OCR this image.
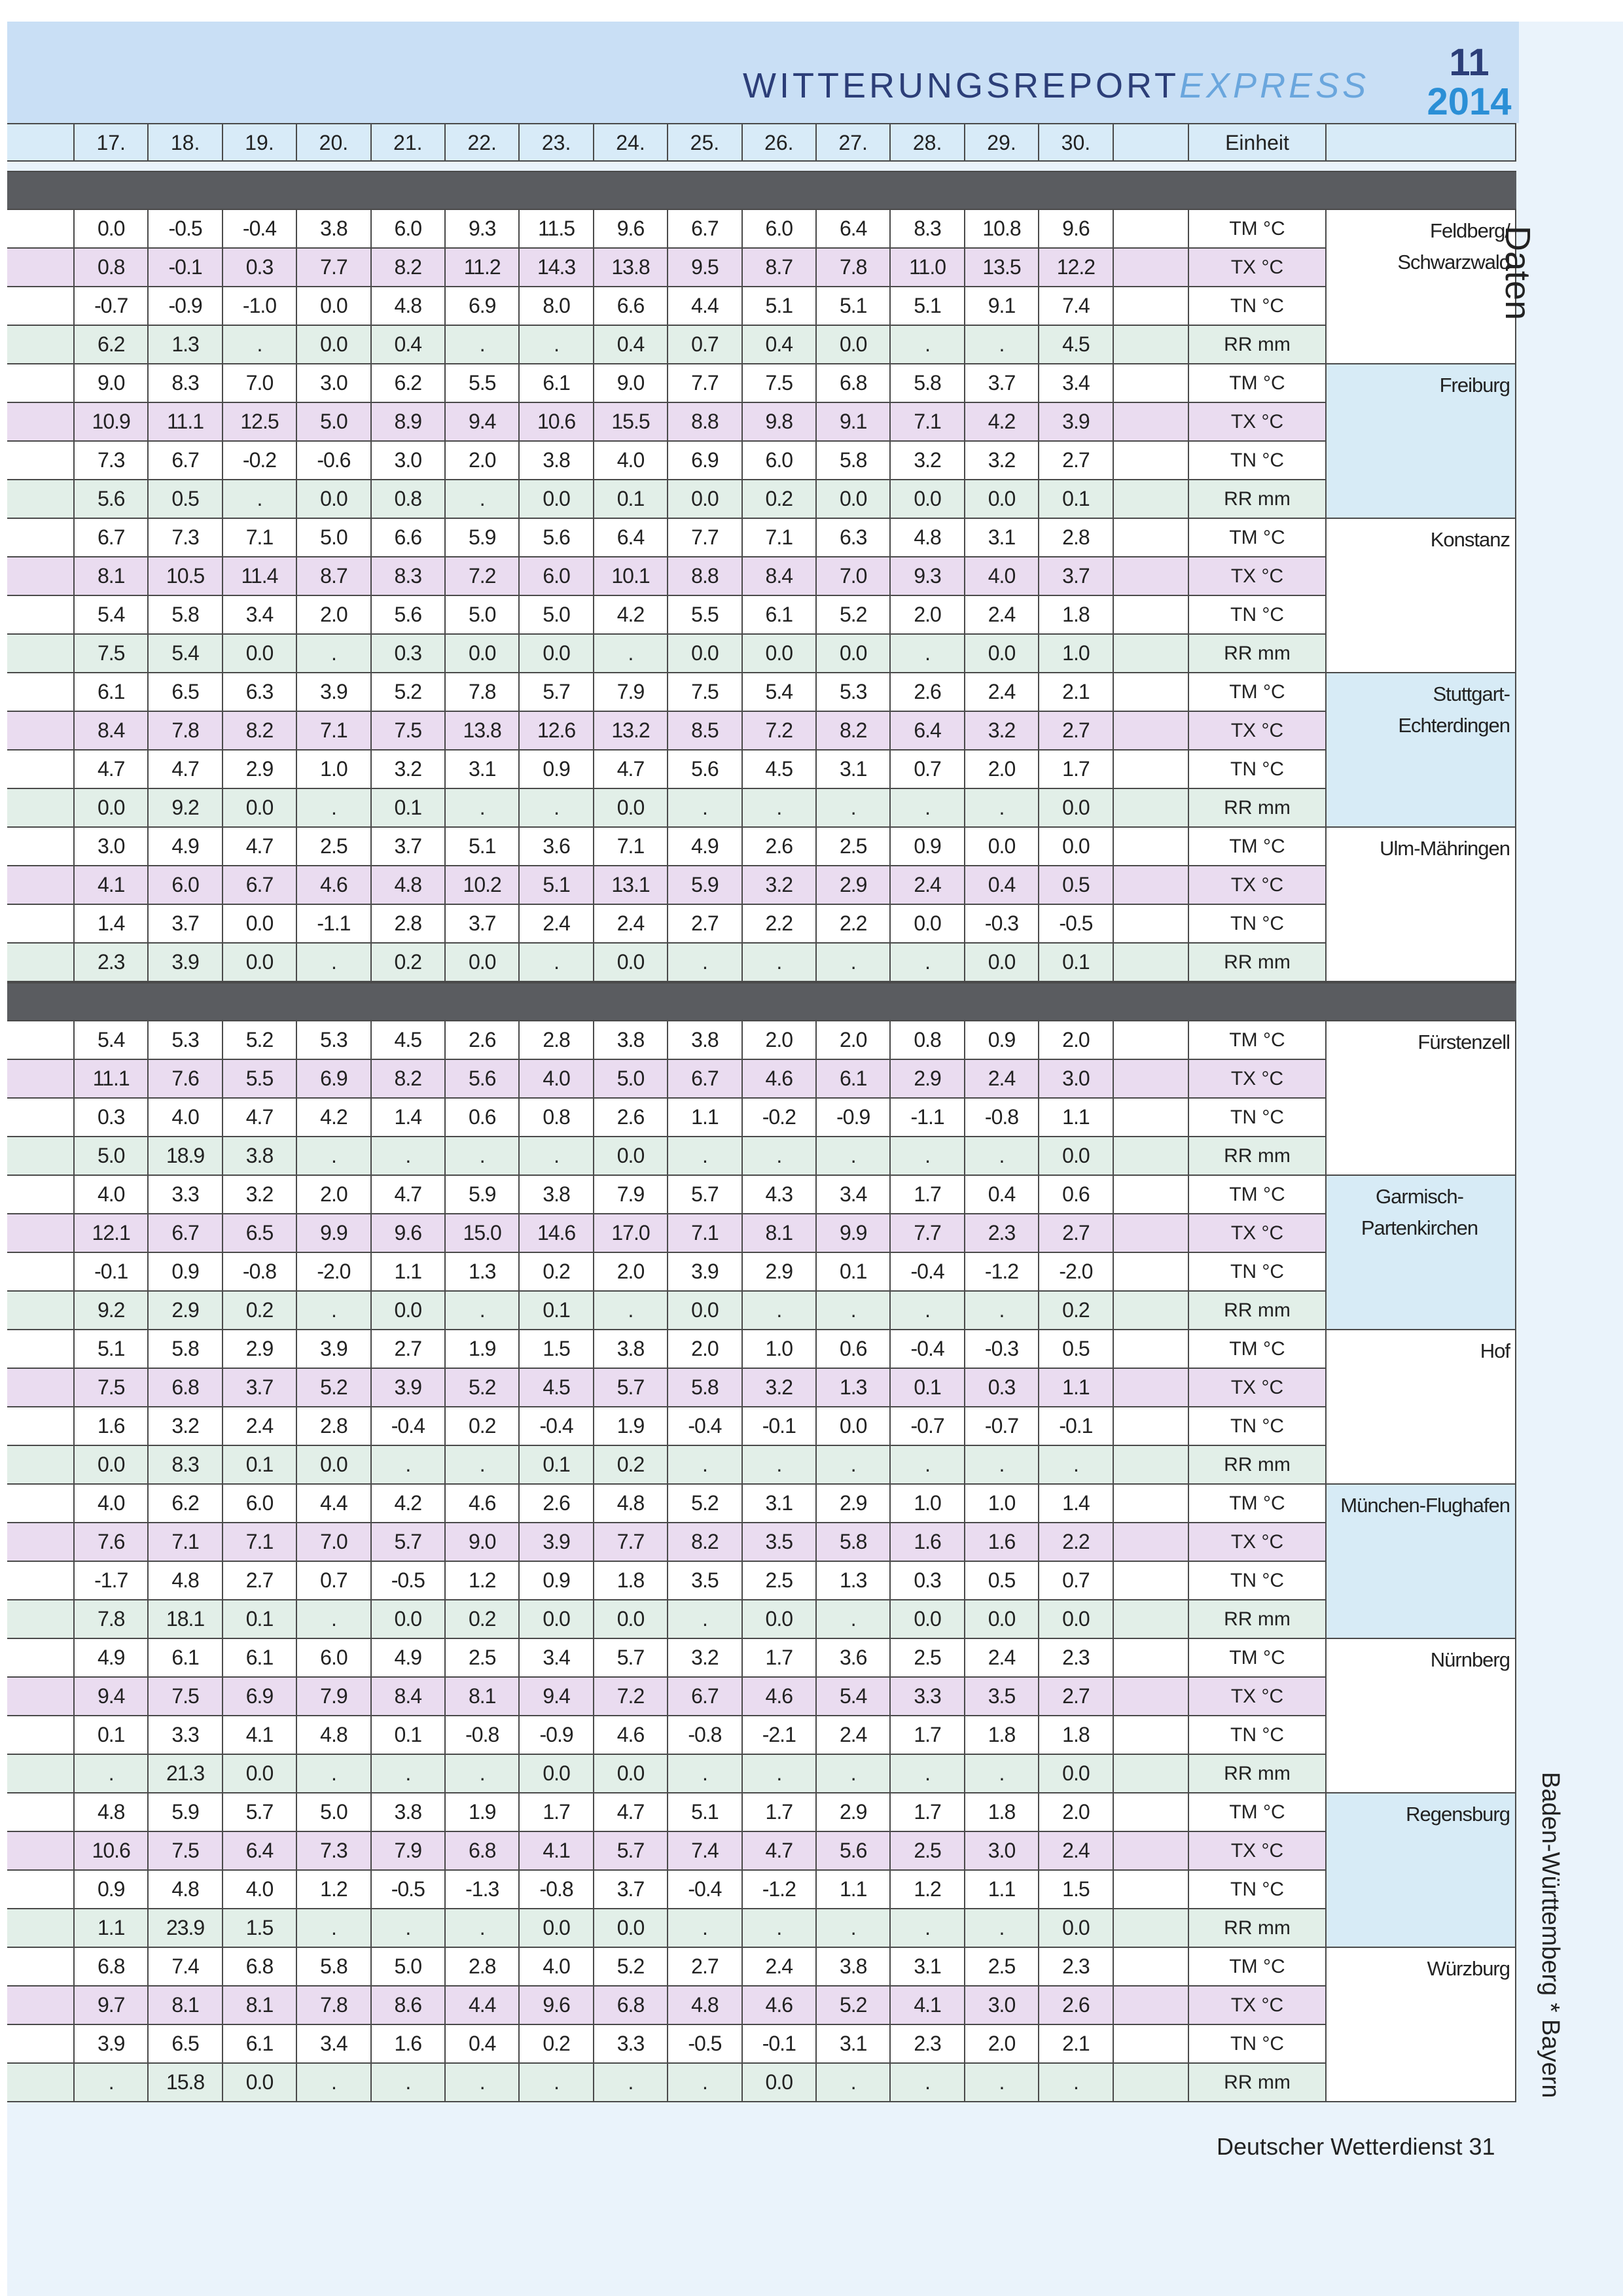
WITTERUNGSREPORTEXPRESS
11
2014
17.	18.	19.	20.	21.	22.	23.	24.	25.	26.	27.	28.	29.	30.	Einheit
0.0	-0.5	-0.4	3.8	6.0	9.3	11.5	9.6	6.7	6.0	6.4	8.3	10.8	9.6	TM °C
0.8	-0.1	0.3	7.7	8.2	11.2	14.3	13.8	9.5	8.7	7.8	11.0	13.5	12.2	TX °C
-0.7	-0.9	-1.0	0.0	4.8	6.9	8.0	6.6	4.4	5.1	5.1	5.1	9.1	7.4	TN °C
6.2	1.3	.	0.0	0.4	.	.	0.4	0.7	0.4	0.0	.	.	4.5	RR mm
Feldberg/ Schwarzwald
9.0	8.3	7.0	3.0	6.2	5.5	6.1	9.0	7.7	7.5	6.8	5.8	3.7	3.4	TM °C
10.9	11.1	12.5	5.0	8.9	9.4	10.6	15.5	8.8	9.8	9.1	7.1	4.2	3.9	TX °C
7.3	6.7	-0.2	-0.6	3.0	2.0	3.8	4.0	6.9	6.0	5.8	3.2	3.2	2.7	TN °C
5.6	0.5	.	0.0	0.8	.	0.0	0.1	0.0	0.2	0.0	0.0	0.0	0.1	RR mm
Freiburg
6.7	7.3	7.1	5.0	6.6	5.9	5.6	6.4	7.7	7.1	6.3	4.8	3.1	2.8	TM °C
8.1	10.5	11.4	8.7	8.3	7.2	6.0	10.1	8.8	8.4	7.0	9.3	4.0	3.7	TX °C
5.4	5.8	3.4	2.0	5.6	5.0	5.0	4.2	5.5	6.1	5.2	2.0	2.4	1.8	TN °C
7.5	5.4	0.0	.	0.3	0.0	0.0	.	0.0	0.0	0.0	.	0.0	1.0	RR mm
Konstanz
6.1	6.5	6.3	3.9	5.2	7.8	5.7	7.9	7.5	5.4	5.3	2.6	2.4	2.1	TM °C
8.4	7.8	8.2	7.1	7.5	13.8	12.6	13.2	8.5	7.2	8.2	6.4	3.2	2.7	TX °C
4.7	4.7	2.9	1.0	3.2	3.1	0.9	4.7	5.6	4.5	3.1	0.7	2.0	1.7	TN °C
0.0	9.2	0.0	.	0.1	.	.	0.0	.	.	.	.	.	0.0	RR mm
Stuttgart-Echterdingen
3.0	4.9	4.7	2.5	3.7	5.1	3.6	7.1	4.9	2.6	2.5	0.9	0.0	0.0	TM °C
4.1	6.0	6.7	4.6	4.8	10.2	5.1	13.1	5.9	3.2	2.9	2.4	0.4	0.5	TX °C
1.4	3.7	0.0	-1.1	2.8	3.7	2.4	2.4	2.7	2.2	2.2	0.0	-0.3	-0.5	TN °C
2.3	3.9	0.0	.	0.2	0.0	.	0.0	.	.	.	.	0.0	0.1	RR mm
Ulm-Mähringen
5.4	5.3	5.2	5.3	4.5	2.6	2.8	3.8	3.8	2.0	2.0	0.8	0.9	2.0	TM °C
11.1	7.6	5.5	6.9	8.2	5.6	4.0	5.0	6.7	4.6	6.1	2.9	2.4	3.0	TX °C
0.3	4.0	4.7	4.2	1.4	0.6	0.8	2.6	1.1	-0.2	-0.9	-1.1	-0.8	1.1	TN °C
5.0	18.9	3.8	.	.	.	.	0.0	.	.	.	.	.	0.0	RR mm
Fürstenzell
4.0	3.3	3.2	2.0	4.7	5.9	3.8	7.9	5.7	4.3	3.4	1.7	0.4	0.6	TM °C
12.1	6.7	6.5	9.9	9.6	15.0	14.6	17.0	7.1	8.1	9.9	7.7	2.3	2.7	TX °C
-0.1	0.9	-0.8	-2.0	1.1	1.3	0.2	2.0	3.9	2.9	0.1	-0.4	-1.2	-2.0	TN °C
9.2	2.9	0.2	.	0.0	.	0.1	.	0.0	.	.	.	.	0.2	RR mm
Garmisch- Partenkirchen
5.1	5.8	2.9	3.9	2.7	1.9	1.5	3.8	2.0	1.0	0.6	-0.4	-0.3	0.5	TM °C
7.5	6.8	3.7	5.2	3.9	5.2	4.5	5.7	5.8	3.2	1.3	0.1	0.3	1.1	TX °C
1.6	3.2	2.4	2.8	-0.4	0.2	-0.4	1.9	-0.4	-0.1	0.0	-0.7	-0.7	-0.1	TN °C
0.0	8.3	0.1	0.0	.	.	0.1	0.2	.	.	.	.	.	.	RR mm
Hof
4.0	6.2	6.0	4.4	4.2	4.6	2.6	4.8	5.2	3.1	2.9	1.0	1.0	1.4	TM °C
7.6	7.1	7.1	7.0	5.7	9.0	3.9	7.7	8.2	3.5	5.8	1.6	1.6	2.2	TX °C
-1.7	4.8	2.7	0.7	-0.5	1.2	0.9	1.8	3.5	2.5	1.3	0.3	0.5	0.7	TN °C
7.8	18.1	0.1	.	0.0	0.2	0.0	0.0	.	0.0	.	0.0	0.0	0.0	RR mm
München-Flughafen
4.9	6.1	6.1	6.0	4.9	2.5	3.4	5.7	3.2	1.7	3.6	2.5	2.4	2.3	TM °C
9.4	7.5	6.9	7.9	8.4	8.1	9.4	7.2	6.7	4.6	5.4	3.3	3.5	2.7	TX °C
0.1	3.3	4.1	4.8	0.1	-0.8	-0.9	4.6	-0.8	-2.1	2.4	1.7	1.8	1.8	TN °C
.	21.3	0.0	.	.	.	0.0	0.0	.	.	.	.	.	0.0	RR mm
Nürnberg
4.8	5.9	5.7	5.0	3.8	1.9	1.7	4.7	5.1	1.7	2.9	1.7	1.8	2.0	TM °C
10.6	7.5	6.4	7.3	7.9	6.8	4.1	5.7	7.4	4.7	5.6	2.5	3.0	2.4	TX °C
0.9	4.8	4.0	1.2	-0.5	-1.3	-0.8	3.7	-0.4	-1.2	1.1	1.2	1.1	1.5	TN °C
1.1	23.9	1.5	.	.	.	0.0	0.0	.	.	.	.	.	0.0	RR mm
Regensburg
6.8	7.4	6.8	5.8	5.0	2.8	4.0	5.2	2.7	2.4	3.8	3.1	2.5	2.3	TM °C
9.7	8.1	8.1	7.8	8.6	4.4	9.6	6.8	4.8	4.6	5.2	4.1	3.0	2.6	TX °C
3.9	6.5	6.1	3.4	1.6	0.4	0.2	3.3	-0.5	-0.1	3.1	2.3	2.0	2.1	TN °C
.	15.8	0.0	.	.	.	.	.	.	0.0	.	.	.	.	RR mm
Würzburg
Daten
Baden-Württemberg * Bayern
Deutscher Wetterdienst 31
